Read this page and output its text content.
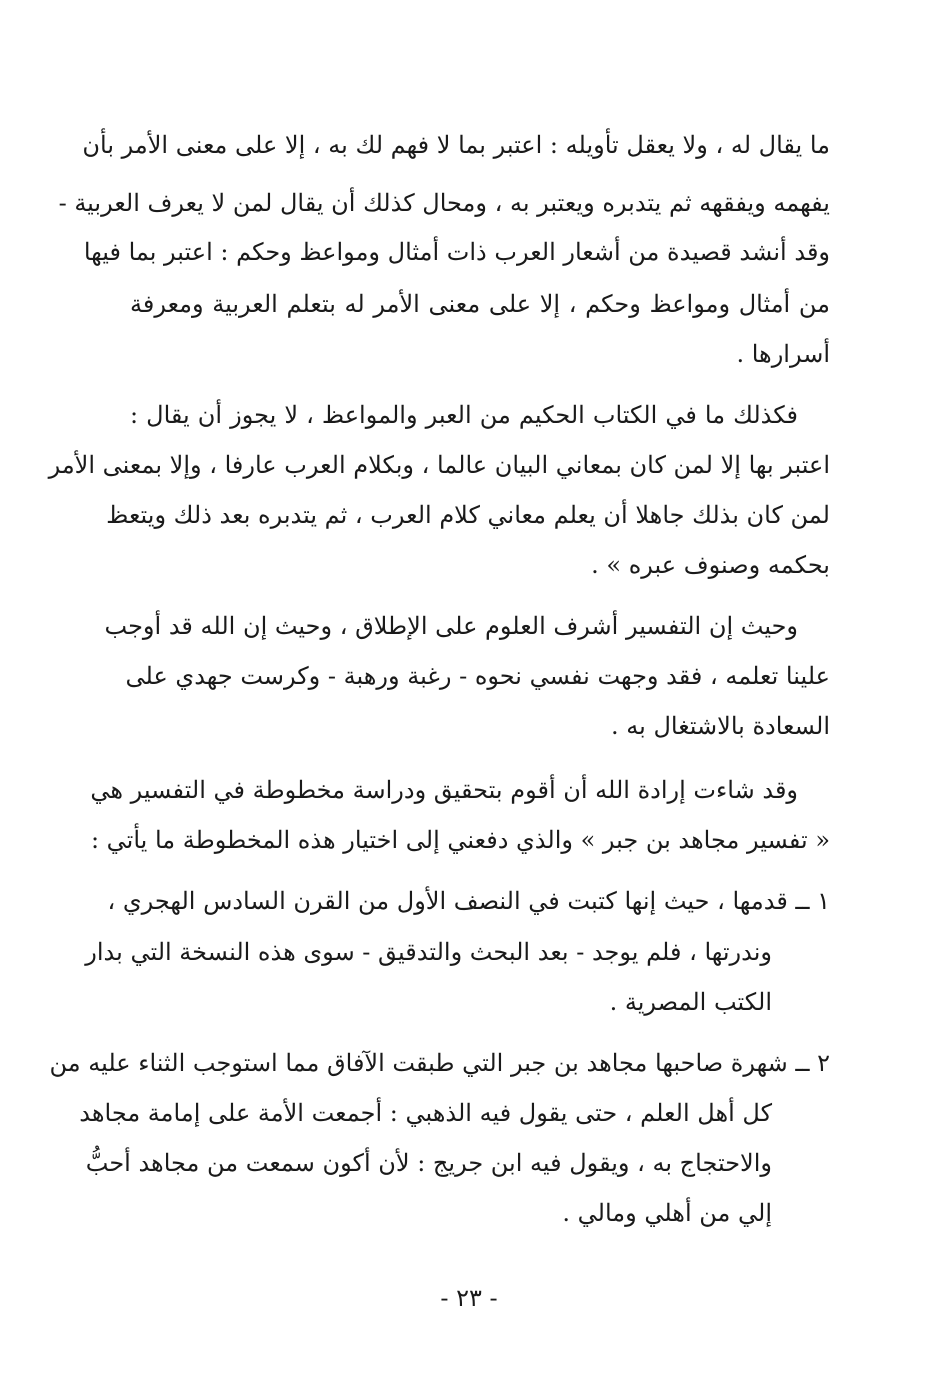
ما يقال له ، ولا يعقل تأويله : اعتبر بما لا فهم لك به ، إلا على معنى الأمر بأن
يفهمه ويفقهه ثم يتدبره ويعتبر به ، ومحال كذلك أن يقال لمن لا يعرف العربية -
وقد أنشد قصيدة من أشعار العرب ذات أمثال ومواعظ وحكم : اعتبر بما فيها
من أمثال ومواعظ وحكم ، إلا على معنى الأمر له بتعلم العربية ومعرفة
أسرارها .
فكذلك ما في الكتاب الحكيم من العبر والمواعظ ، لا يجوز أن يقال :
اعتبر بها إلا لمن كان بمعاني البيان عالما ، وبكلام العرب عارفا ، وإلا بمعنى الأمر
لمن كان بذلك جاهلا أن يعلم معاني كلام العرب ، ثم يتدبره بعد ذلك ويتعظ
بحكمه وصنوف عبره » .
وحيث إن التفسير أشرف العلوم على الإطلاق ، وحيث إن الله قد أوجب
علينا تعلمه ، فقد وجهت نفسي نحوه - رغبة ورهبة - وكرست جهدي على
السعادة بالاشتغال به .
وقد شاءت إرادة الله أن أقوم بتحقيق ودراسة مخطوطة في التفسير هي
« تفسير مجاهد بن جبر » والذي دفعني إلى اختيار هذه المخطوطة ما يأتي :
١ ــ قدمها ، حيث إنها كتبت في النصف الأول من القرن السادس الهجري ،
وندرتها ، فلم يوجد - بعد البحث والتدقيق - سوى هذه النسخة التي بدار
الكتب المصرية .
٢ ــ شهرة صاحبها مجاهد بن جبر التي طبقت الآفاق مما استوجب الثناء عليه من
كل أهل العلم ، حتى يقول فيه الذهبي : أجمعت الأمة على إمامة مجاهد
والاحتجاج به ، ويقول فيه ابن جريج : لأن أكون سمعت من مجاهد أحبُّ
إلي من أهلي ومالي .
- ٢٣ -
